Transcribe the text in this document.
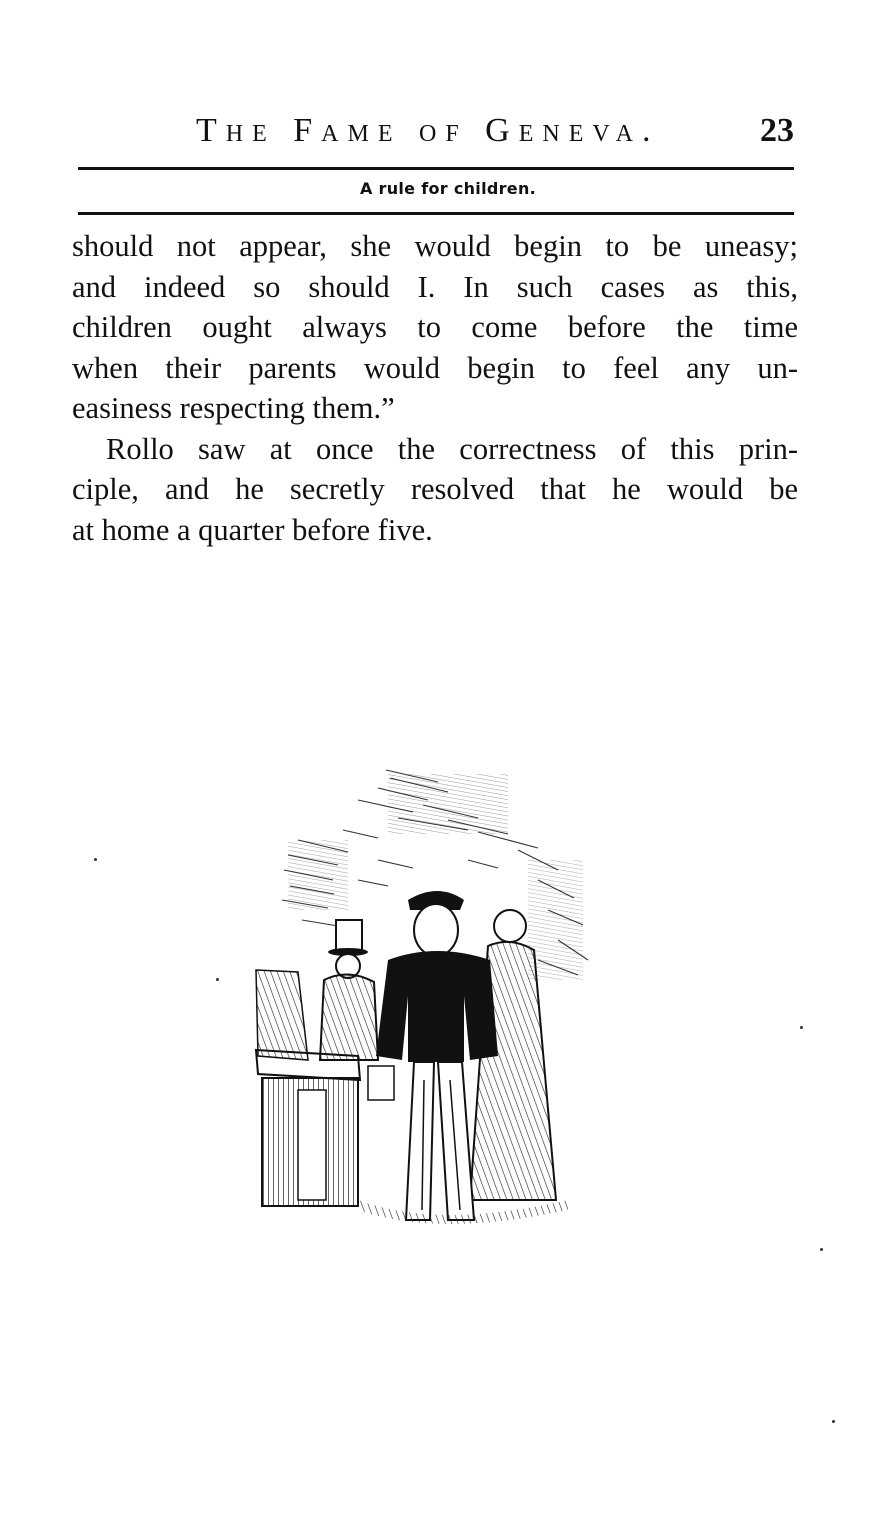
The Fame of Geneva.	23
A rule for children.
should not appear, she would begin to be uneasy;
and indeed so should I. In such cases as this,
children ought always to come before the time
when their parents would begin to feel any un-
easiness respecting them.”
Rollo saw at once the correctness of this prin-
ciple, and he secretly resolved that he would be
at home a quarter before five.
